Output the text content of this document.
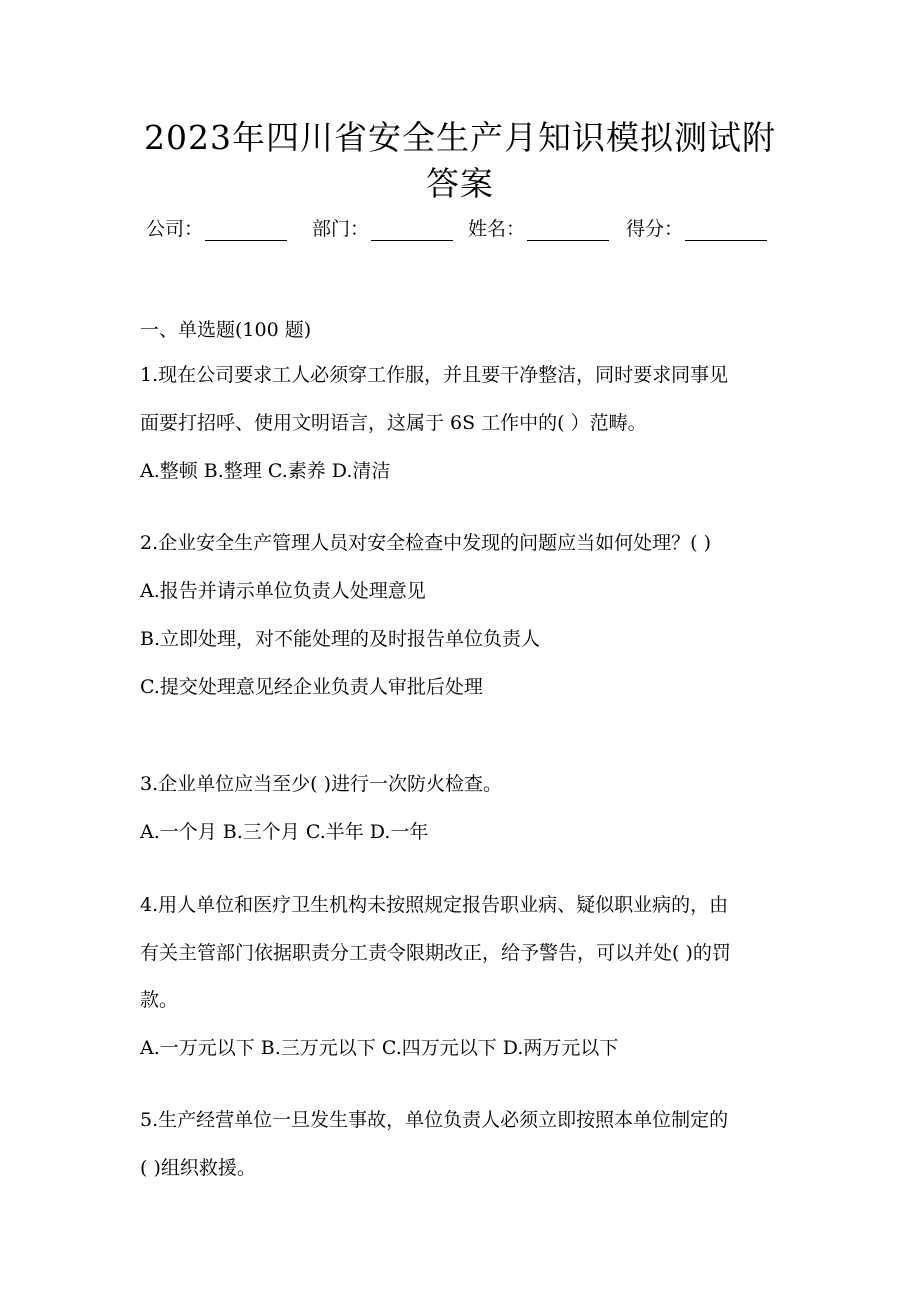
2023年四川省安全生产月知识模拟测试附
答案
公司：	部门：	姓名：	得分：
一、单选题(100 题)
1.现在公司要求工人必须穿工作服，并且要干净整洁，同时要求同事见
面要打招呼、使用文明语言，这属于 6S 工作中的( ）范畴。
A.整顿 B.整理 C.素养 D.清洁
2.企业安全生产管理人员对安全检查中发现的问题应当如何处理？( )
A.报告并请示单位负责人处理意见
B.立即处理，对不能处理的及时报告单位负责人
C.提交处理意见经企业负责人审批后处理
3.企业单位应当至少( )进行一次防火检查。
A.一个月 B.三个月 C.半年 D.一年
4.用人单位和医疗卫生机构未按照规定报告职业病、疑似职业病的，由
有关主管部门依据职责分工责令限期改正，给予警告，可以并处( )的罚
款。
A.一万元以下 B.三万元以下 C.四万元以下 D.两万元以下
5.生产经营单位一旦发生事故，单位负责人必须立即按照本单位制定的
( )组织救援。
